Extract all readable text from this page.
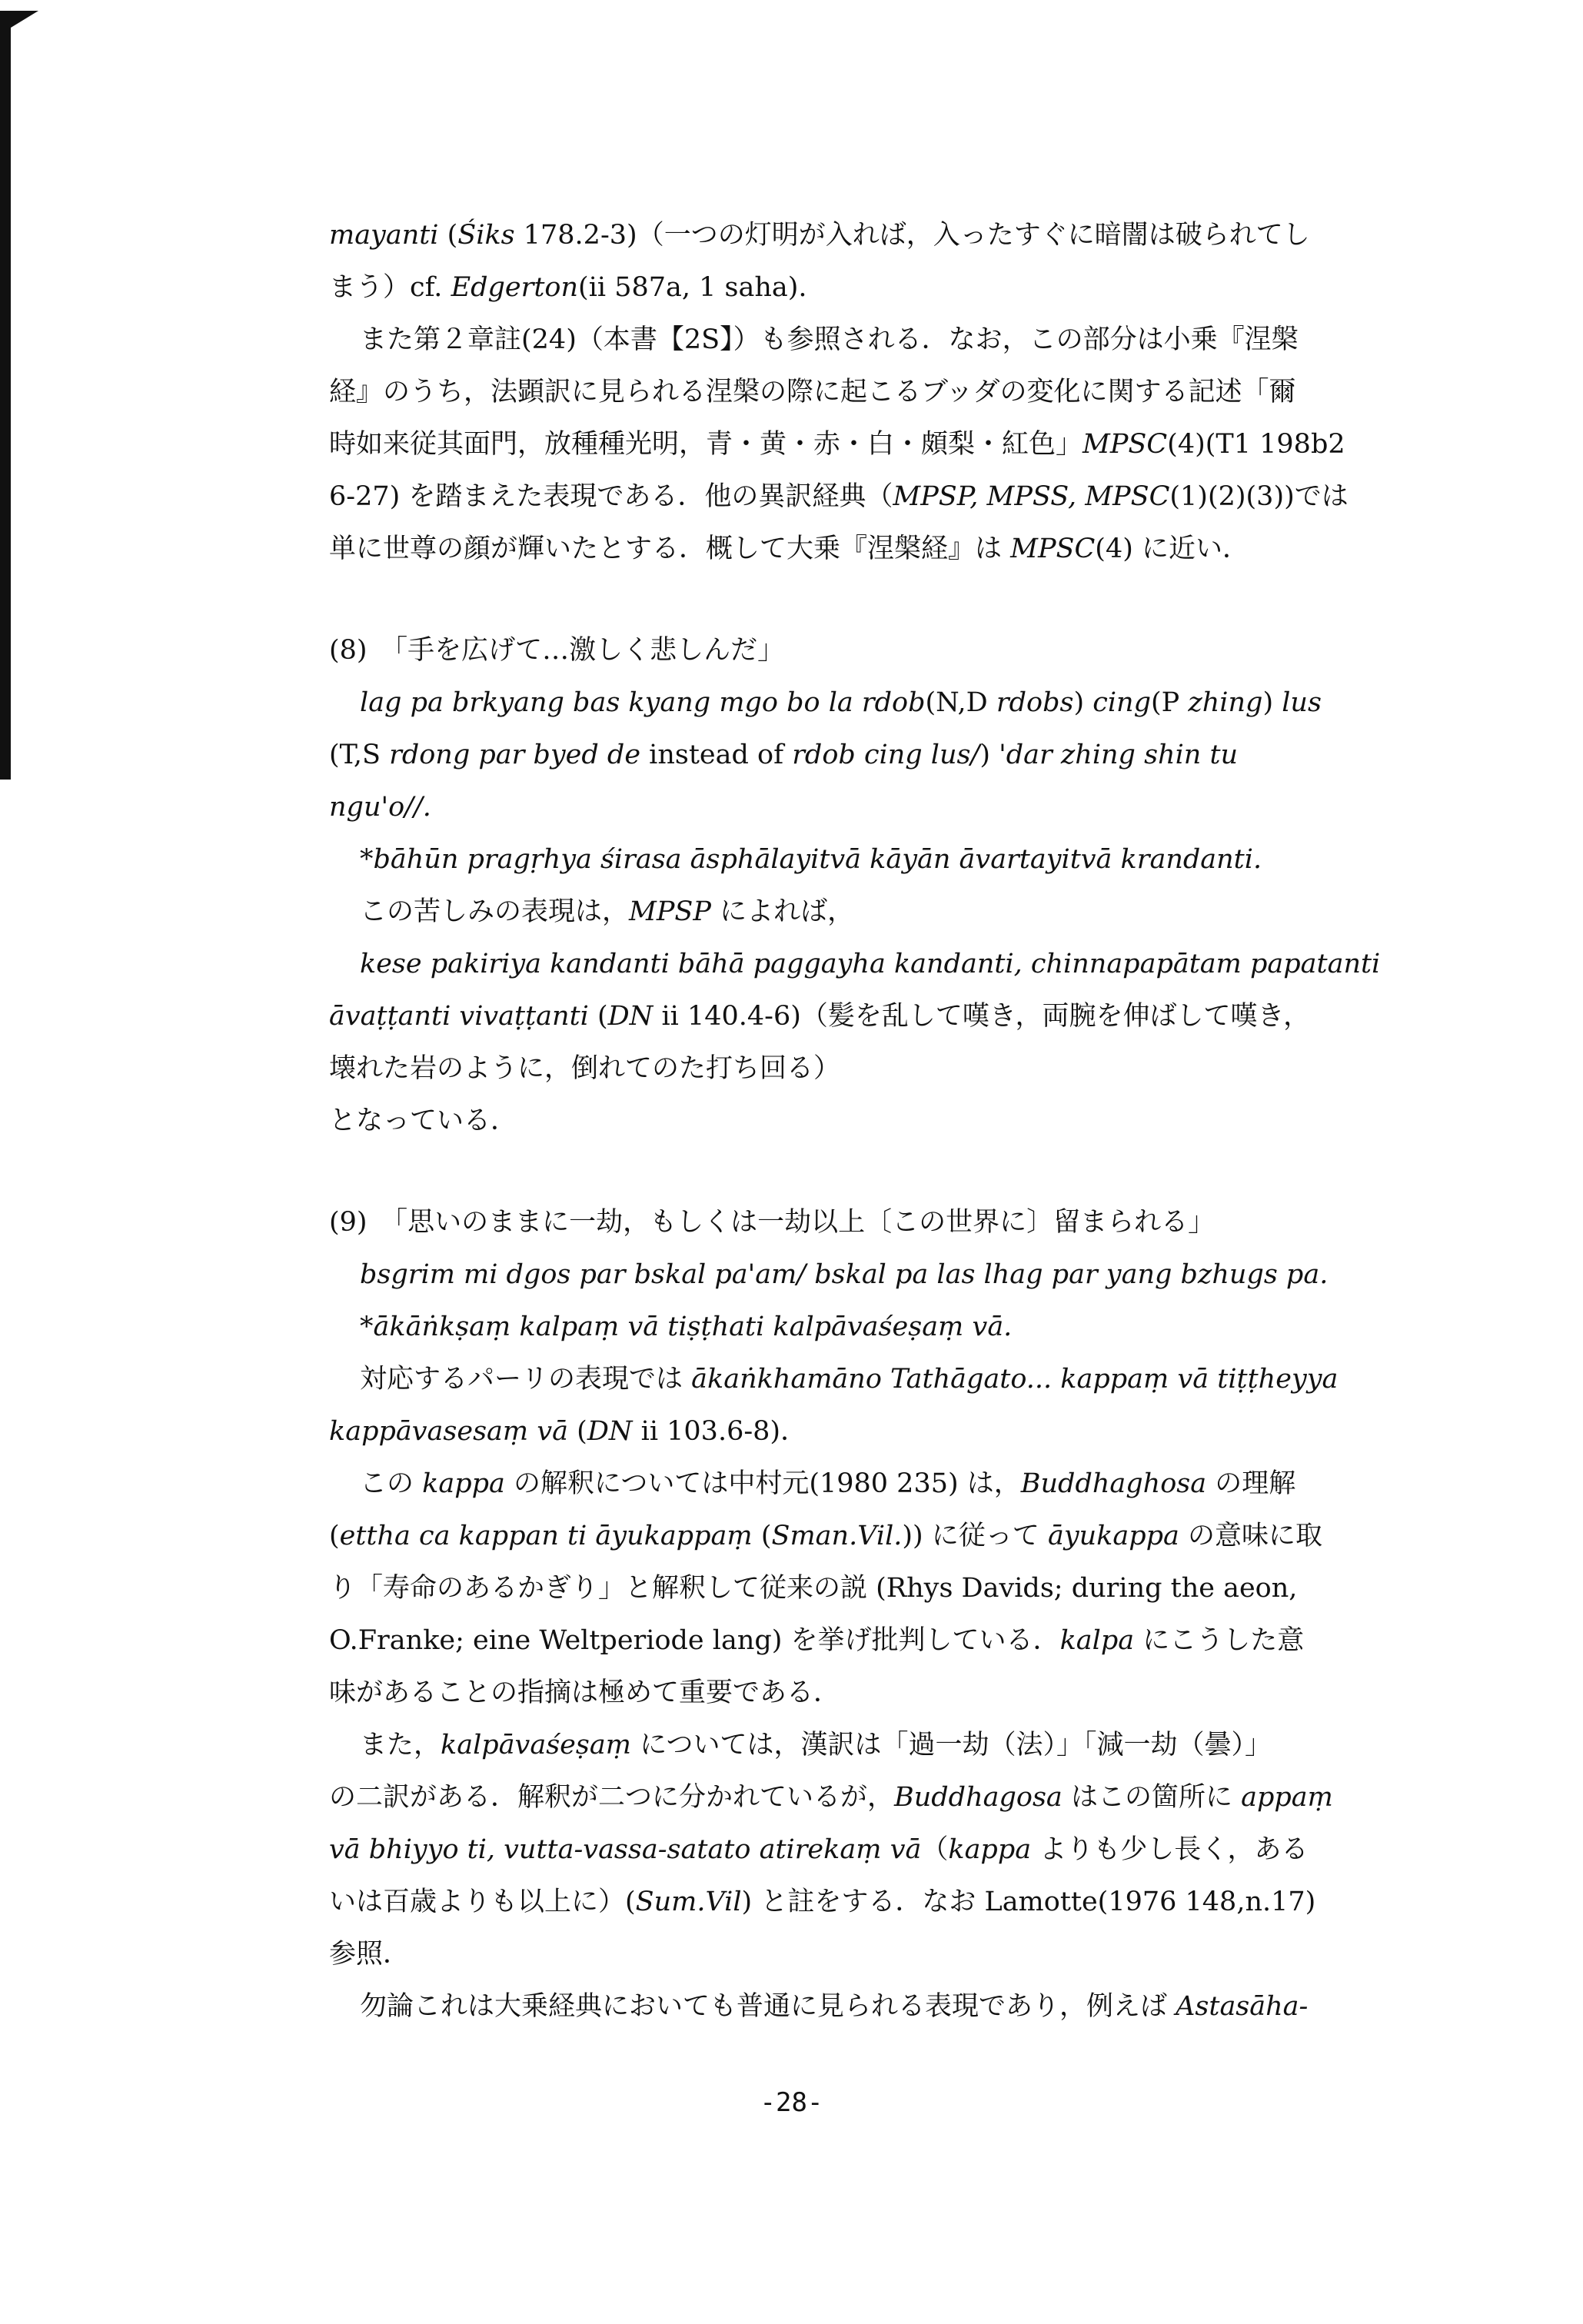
mayanti (Śiks 178.2-3)（一つの灯明が入れば，入ったすぐに暗闇は破られてし

まう）cf. Edgerton(ii 587a, 1 saha).

また第２章註(24)（本書【2S】）も参照される．なお，この部分は小乗『涅槃

経』のうち，法顕訳に見られる涅槃の際に起こるブッダの変化に関する記述「爾

時如来従其面門，放種種光明，青・黄・赤・白・頗梨・紅色」MPSC(4)(T1 198b2

6-27) を踏まえた表現である．他の異訳経典（MPSP, MPSS, MPSC(1)(2)(3))では

単に世尊の顔が輝いたとする．概して大乗『涅槃経』は MPSC(4) に近い．

(8)　「手を広げて…激しく悲しんだ」

lag pa brkyang bas kyang mgo bo la rdob(N,D rdobs) cing(P zhing) lus

(T,S rdong par byed de instead of rdob cing lus/) 'dar zhing shin tu

ngu'o//.

*bāhūn pragṛhya śirasa āsphālayitvā kāyān āvartayitvā krandanti.

この苦しみの表現は，MPSP によれば，

kese pakiriya kandanti bāhā paggayha kandanti, chinnapapātam papatanti

āvaṭṭanti vivaṭṭanti (DN ii 140.4-6)（髪を乱して嘆き，両腕を伸ばして嘆き，

壊れた岩のように，倒れてのた打ち回る）

となっている．

(9)　「思いのままに一劫，もしくは一劫以上〔この世界に〕留まられる」

bsgrim mi dgos par bskal pa'am/ bskal pa las lhag par yang bzhugs pa.

*ākāṅkṣaṃ kalpaṃ vā tiṣṭhati kalpāvaśeṣaṃ vā.

対応するパーリの表現では ākaṅkhamāno Tathāgato... kappaṃ vā tiṭṭheyya

kappāvasesaṃ vā (DN ii 103.6-8)．

この kappa の解釈については中村元(1980 235) は，Buddhaghosa の理解

(ettha ca kappan ti āyukappaṃ (Sman.Vil.)) に従って āyukappa の意味に取

り「寿命のあるかぎり」と解釈して従来の説 (Rhys Davids; during the aeon,

O.Franke; eine Weltperiode lang) を挙げ批判している．kalpa にこうした意

味があることの指摘は極めて重要である．

また，kalpāvaśeṣaṃ については，漢訳は「過一劫（法）」「減一劫（曇）」

の二訳がある．解釈が二つに分かれているが，Buddhagosa はこの箇所に appaṃ

vā bhiyyo ti, vutta-vassa-satato atirekaṃ vā（kappa よりも少し長く，ある

いは百歳よりも以上に）(Sum.Vil) と註をする．なお Lamotte(1976 148,n.17)

参照．

勿論これは大乗経典においても普通に見られる表現であり，例えば Astasāha-

-28-
